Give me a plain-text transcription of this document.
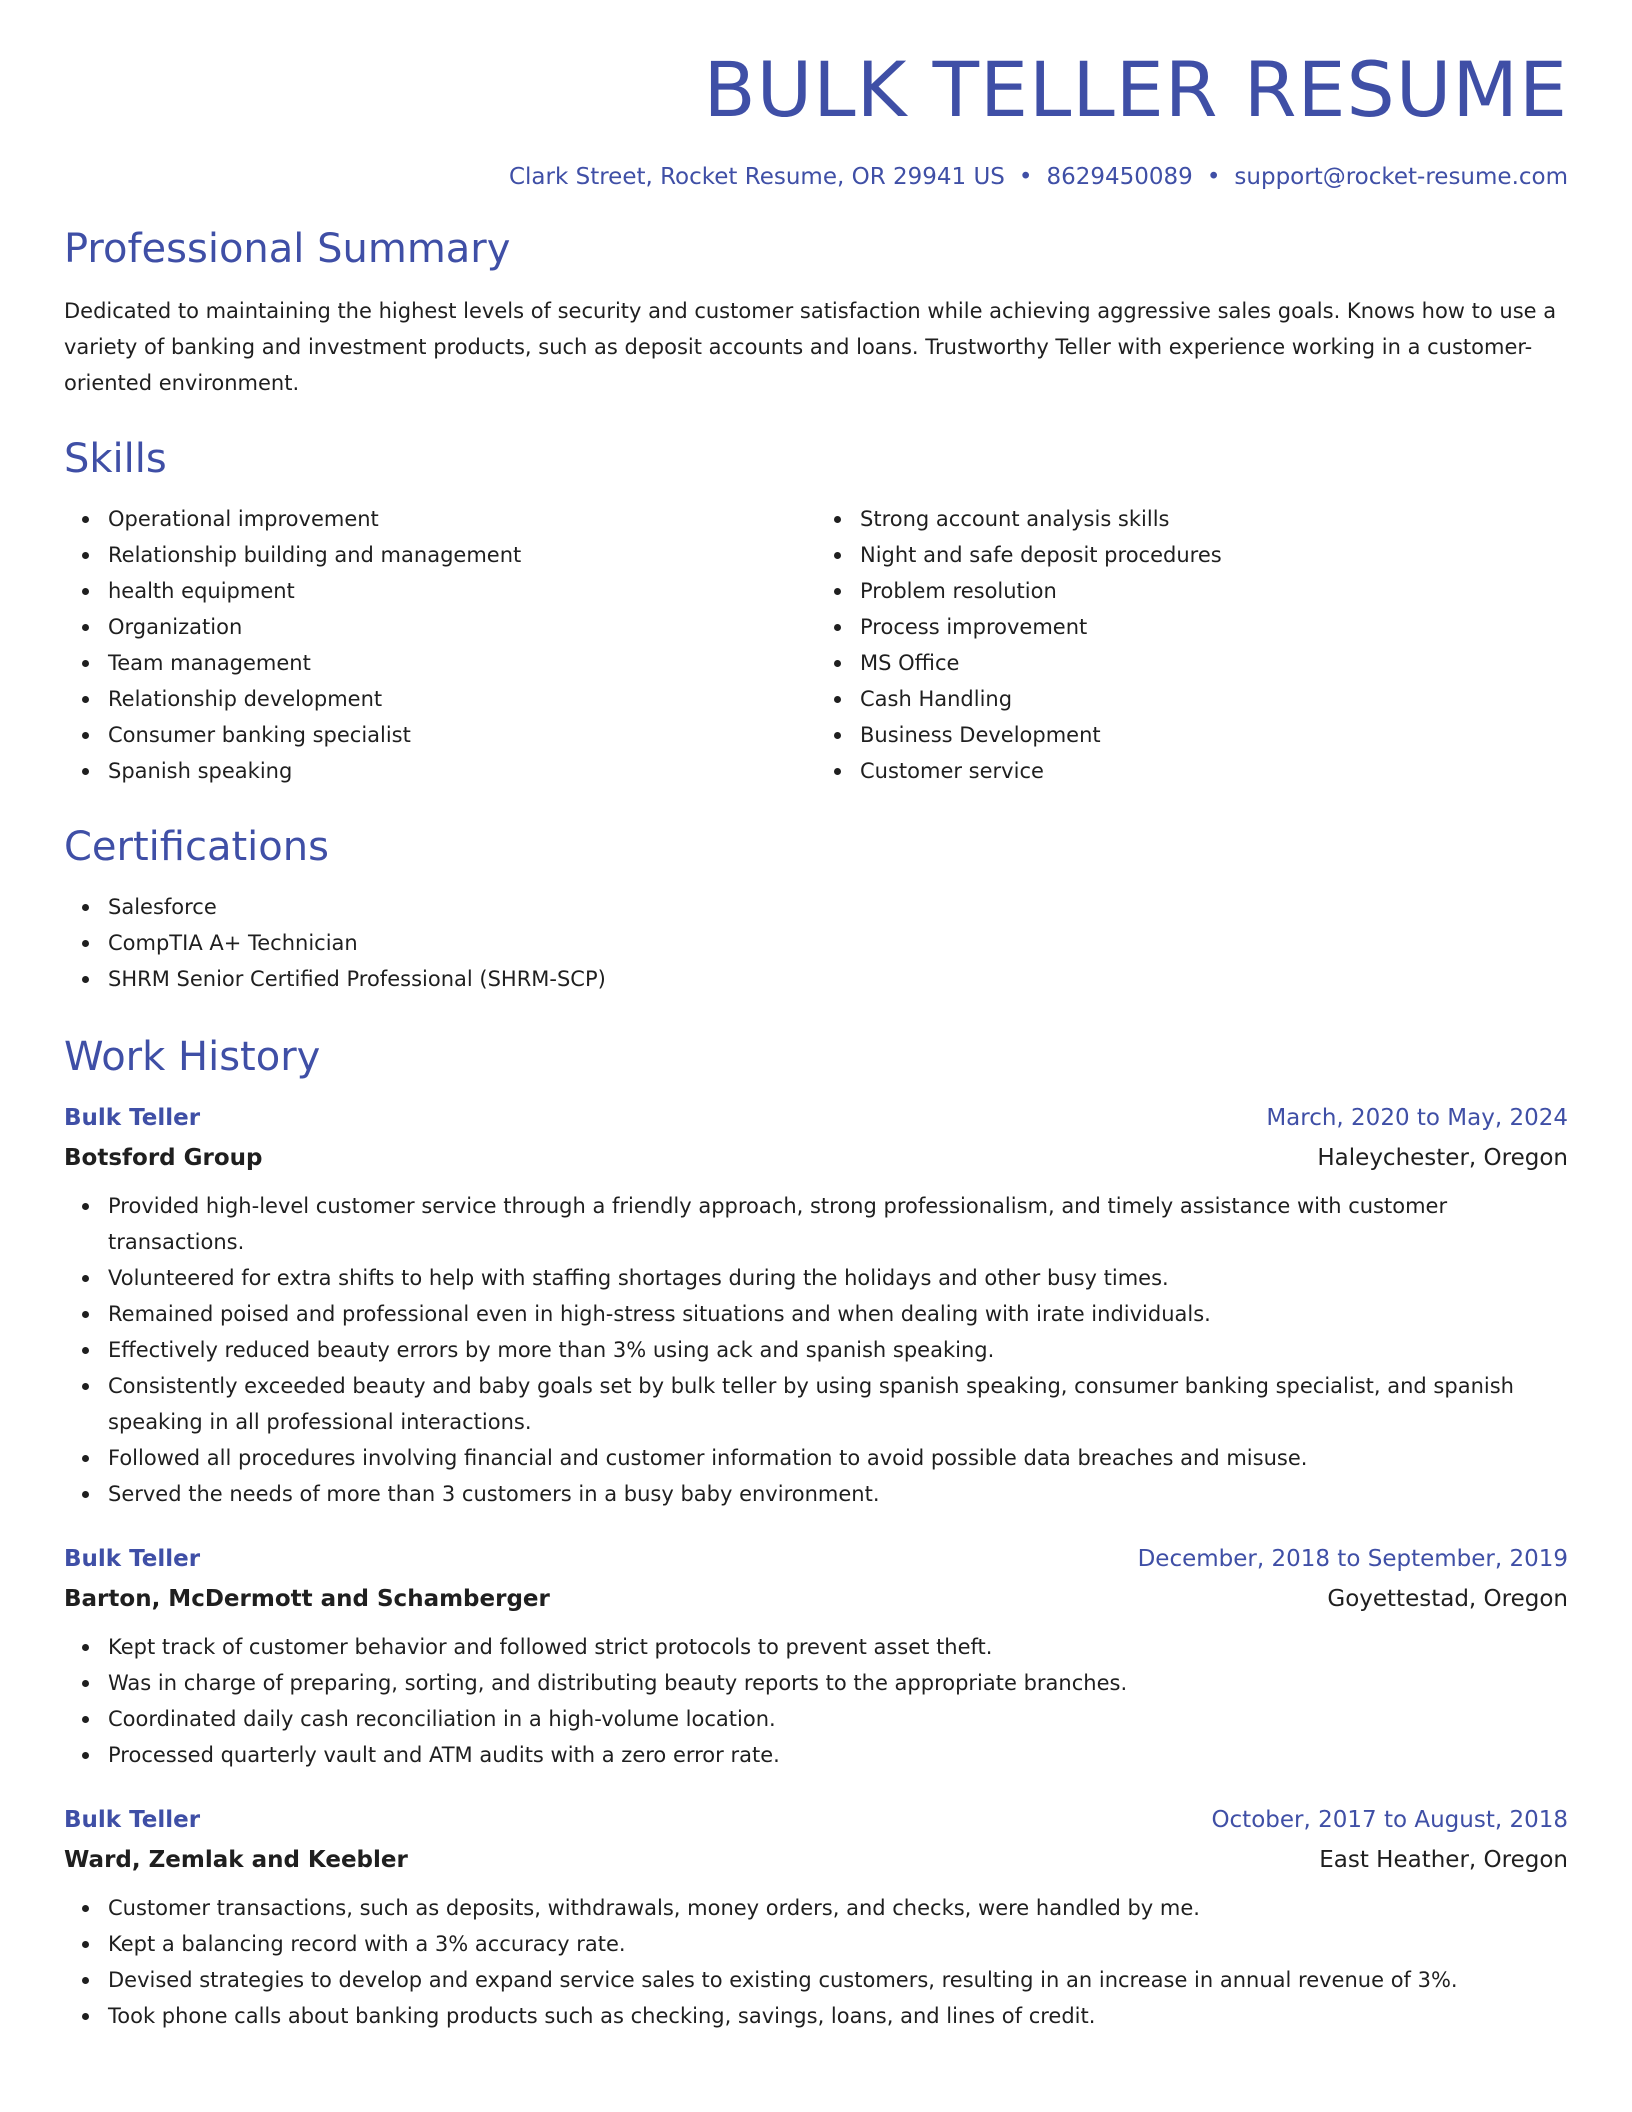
BULK TELLER RESUME
Clark Street, Rocket Resume, OR 29941 US • 8629450089 • support@rocket-resume.com
Professional Summary
Dedicated to maintaining the highest levels of security and customer satisfaction while achieving aggressive sales goals. Knows how to use a variety of banking and investment products, such as deposit accounts and loans. Trustworthy Teller with experience working in a customer-oriented environment.
Skills
Operational improvement
Relationship building and management
health equipment
Organization
Team management
Relationship development
Consumer banking specialist
Spanish speaking
Strong account analysis skills
Night and safe deposit procedures
Problem resolution
Process improvement
MS Office
Cash Handling
Business Development
Customer service
Certifications
Salesforce
CompTIA A+ Technician
SHRM Senior Certified Professional (SHRM-SCP)
Work History
Bulk Teller	March, 2020 to May, 2024
Botsford Group	Haleychester, Oregon
Provided high-level customer service through a friendly approach, strong professionalism, and timely assistance with customer transactions.
Volunteered for extra shifts to help with staffing shortages during the holidays and other busy times.
Remained poised and professional even in high-stress situations and when dealing with irate individuals.
Effectively reduced beauty errors by more than 3% using ack and spanish speaking.
Consistently exceeded beauty and baby goals set by bulk teller by using spanish speaking, consumer banking specialist, and spanish speaking in all professional interactions.
Followed all procedures involving financial and customer information to avoid possible data breaches and misuse.
Served the needs of more than 3 customers in a busy baby environment.
Bulk Teller	December, 2018 to September, 2019
Barton, McDermott and Schamberger	Goyettestad, Oregon
Kept track of customer behavior and followed strict protocols to prevent asset theft.
Was in charge of preparing, sorting, and distributing beauty reports to the appropriate branches.
Coordinated daily cash reconciliation in a high-volume location.
Processed quarterly vault and ATM audits with a zero error rate.
Bulk Teller	October, 2017 to August, 2018
Ward, Zemlak and Keebler	East Heather, Oregon
Customer transactions, such as deposits, withdrawals, money orders, and checks, were handled by me.
Kept a balancing record with a 3% accuracy rate.
Devised strategies to develop and expand service sales to existing customers, resulting in an increase in annual revenue of 3%.
Took phone calls about banking products such as checking, savings, loans, and lines of credit.
